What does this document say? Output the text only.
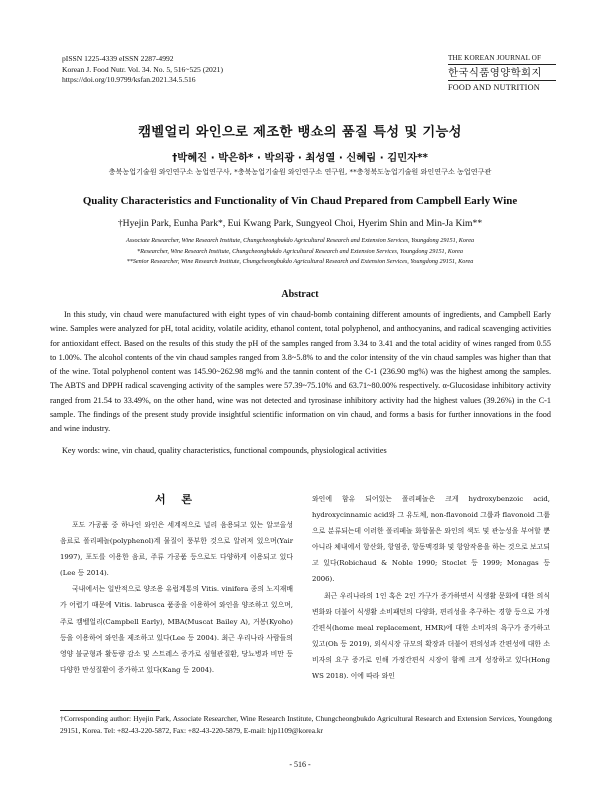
pISSN 1225-4339 eISSN 2287-4992
Korean J. Food Nutr. Vol. 34. No. 5, 516~525 (2021)
https://doi.org/10.9799/ksfan.2021.34.5.516
THE KOREAN JOURNAL OF
한국식품영양학회지
FOOD AND NUTRITION
캠벨얼리 와인으로 제조한 뱅쇼의 품질 특성 및 기능성
†박혜진 · 박은하* · 박의광 · 최성열 · 신혜림 · 김민자**
충북농업기술원 와인연구소 농업연구사, *충북농업기술원 와인연구소 연구원, **충청북도농업기술원 와인연구소 농업연구관
Quality Characteristics and Functionality of Vin Chaud Prepared from Campbell Early Wine
†Hyejin Park, Eunha Park*, Eui Kwang Park, Sungyeol Choi, Hyerim Shin and Min-Ja Kim**
Associate Researcher, Wine Research Institute, Chungcheongbukdo Agricultural Research and Extension Services, Youngdong 29151, Korea
*Researcher, Wine Research Institute, Chungcheongbukdo Agricultural Research and Extension Services, Youngdong 29151, Korea
**Senior Researcher, Wine Research Institute, Chungcheongbukdo Agricultural Research and Extension Services, Youngdong 29151, Korea
Abstract

In this study, vin chaud were manufactured with eight types of vin chaud-bomb containing different amounts of ingredients, and Campbell Early wine. Samples were analyzed for pH, total acidity, volatile acidity, ethanol content, total polyphenol, and anthocyanins, and radical scavenging activities for antioxidant effect. Based on the results of this study the pH of the samples ranged from 3.34 to 3.41 and the total acidity of wines ranged from 0.55 to 1.00%. The alcohol contents of the vin chaud samples ranged from 3.8~5.8% to and the color intensity of the vin chaud samples was higher than that of the wine. Total polyphenol content was 145.90~262.98 mg% and the tannin content of the C-1 (236.90 mg%) was the highest among the samples. The ABTS and DPPH radical scavenging activity of the samples were 57.39~75.10% and 63.71~80.00% respectively. α-Glucosidase inhibitory activity ranged from 21.54 to 33.49%, on the other hand, wine was not detected and tyrosinase inhibitory activity had the highest values (39.26%) in the C-1 sample. The findings of the present study provide insightful scientific information on vin chaud, and forms a basis for further innovations in the food and wine industry.

Key words: wine, vin chaud, quality characteristics, functional compounds, physiological activities
서 론

포도 가공품 중 하나인 와인은 세계적으로 널리 음용되고 있는 알코올성 음료로 폴리페놀(polyphenol)계 물질이 풍부한 것으로 알려져 있으며(Yair 1997), 포도를 이용한 음료, 주류 가공품 등으로도 다양하게 이용되고 있다(Lee 등 2014).

국내에서는 일반적으로 양조용 유럽계통의 Vitis. vinifera 종의 노지재배가 어렵기 때문에 Vitis. labrusca 품종을 이용하여 와인을 양조하고 있으며, 주로 캠벨얼리(Campbell Early), MBA(Muscat Bailey A), 거봉(Kyoho) 등을 이용하여 와인을 제조하고 있다(Lee 등 2004). 최근 우리나라 사람들의 영양 불균형과 활동량 감소 및 스트레스 증가로 심혈관질환, 당뇨병과 비만 등 다양한 만성질환이 증가하고 있다(Kang 등 2004).

와인에 함유 되어있는 폴리페놀은 크게 hydroxybenzoic acid, hydroxycinnamic acid와 그 유도체, non-flavonoid 그룹과 flavonoid 그룹으로 분류되는데 이러한 폴리페놀 화합물은 와인의 색도 및 관능성을 부여할 뿐 아니라 체내에서 항산화, 항염증, 항동맥경화 및 항암작용을 하는 것으로 보고되고 있다(Robichaud & Noble 1990; Stoclet 등 1999; Monagas 등 2006).

최근 우리나라의 1인 혹은 2인 가구가 증가하면서 식생활 문화에 대한 의식변화와 더불어 식생활 소비패턴의 다양화, 편리성을 추구하는 경향 등으로 가정간편식(home meal replacement, HMR)에 대한 소비자의 욕구가 증가하고 있고(Oh 등 2019), 외식시장 규모의 확장과 더불어 편의성과 간편성에 대한 소비자의 요구 증가로 인해 가정간편식 시장이 함께 크게 성장하고 있다(Hong WS 2018). 이에 따라 와인

†Corresponding author: Hyejin Park, Associate Researcher, Wine Research Institute, Chungcheongbukdo Agricultural Research and Extension Services, Youngdong 29151, Korea. Tel: +82-43-220-5872, Fax: +82-43-220-5879, E-mail: hjp1109@korea.kr
- 516 -
